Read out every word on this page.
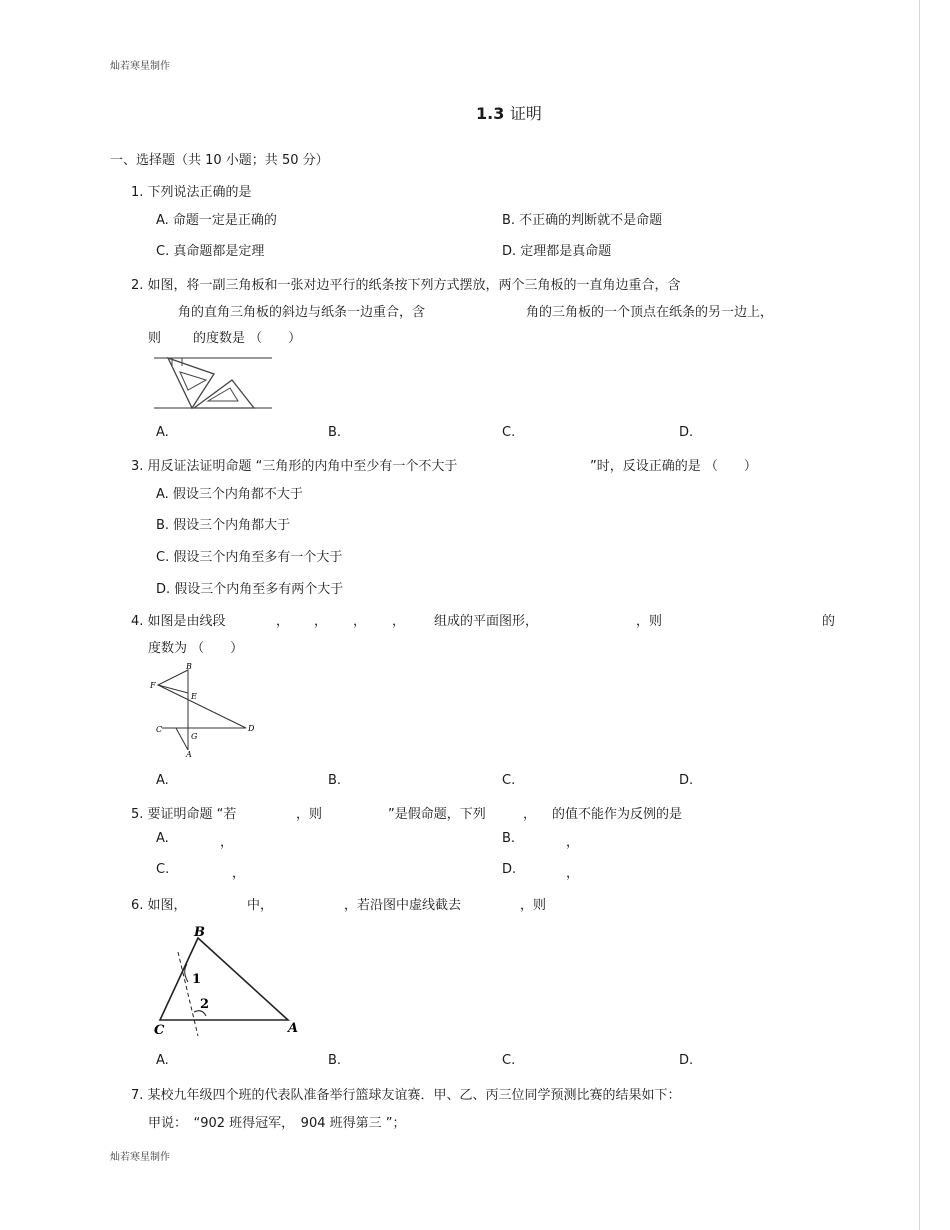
灿若寒星制作
1.3 证明
一、选择题（共 10 小题；共 50 分）
1. 下列说法正确的是
A. 命题一定是正确的	B. 不正确的判断就不是命题
C. 真命题都是定理	D. 定理都是真命题
2. 如图，将一副三角板和一张对边平行的纸条按下列方式摆放，两个三角板的一直角边重合，含
角的直角三角板的斜边与纸条一边重合，含	角的三角板的一个顶点在纸条的另一边上，
则 的度数是 （　　）
A.	B.	C.	D.
3. 用反证法证明命题 “三角形的内角中至少有一个不大于	”时，反设正确的是 （　　）
A. 假设三个内角都不大于
B. 假设三个内角都大于
C. 假设三个内角至多有一个大于
D. 假设三个内角至多有两个大于
4. 如图是由线段	， ， ， ， 组成的平面图形，	，则	的
度数为 （　　）
B
F
E
C
G
D
A
A.	B.	C.	D.
5. 要证明命题 “若	，则	”是假命题，下列	， 的值不能作为反例的是
A.	，	B.	，
C.	，	D.	，
6. 如图，	中，	，若沿图中虚线截去	，则
B
C	A
1
2
A.	B.	C.	D.
7. 某校九年级四个班的代表队准备举行篮球友谊赛．甲、乙、丙三位同学预测比赛的结果如下：
甲说：　“902 班得冠军，　904 班得第三 ”；
灿若寒星制作
